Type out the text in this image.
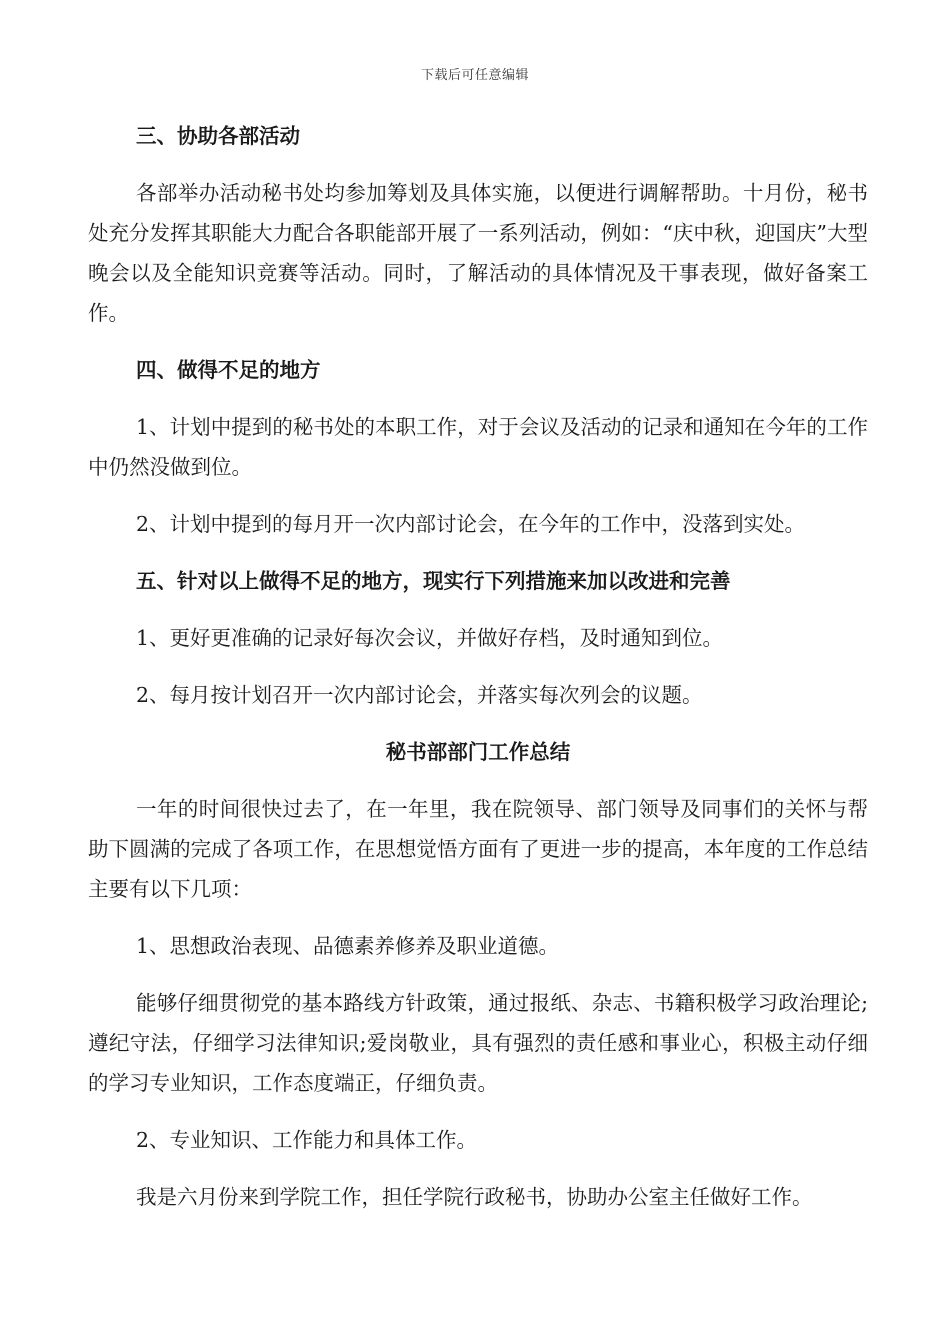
下载后可任意编辑

三、协助各部活动

各部举办活动秘书处均参加筹划及具体实施，以便进行调解帮助。十月份，秘书处充分发挥其职能大力配合各职能部开展了一系列活动，例如：“庆中秋，迎国庆”大型晚会以及全能知识竞赛等活动。同时，了解活动的具体情况及干事表现，做好备案工作。

四、做得不足的地方

1、计划中提到的秘书处的本职工作，对于会议及活动的记录和通知在今年的工作中仍然没做到位。

2、计划中提到的每月开一次内部讨论会，在今年的工作中，没落到实处。

五、针对以上做得不足的地方，现实行下列措施来加以改进和完善

1、更好更准确的记录好每次会议，并做好存档，及时通知到位。

2、每月按计划召开一次内部讨论会，并落实每次列会的议题。

秘书部部门工作总结

一年的时间很快过去了，在一年里，我在院领导、部门领导及同事们的关怀与帮助下圆满的完成了各项工作，在思想觉悟方面有了更进一步的提高，本年度的工作总结主要有以下几项：

1、思想政治表现、品德素养修养及职业道德。

能够仔细贯彻党的基本路线方针政策，通过报纸、杂志、书籍积极学习政治理论;遵纪守法，仔细学习法律知识;爱岗敬业，具有强烈的责任感和事业心，积极主动仔细的学习专业知识，工作态度端正，仔细负责。

2、专业知识、工作能力和具体工作。

我是六月份来到学院工作，担任学院行政秘书，协助办公室主任做好工作。
